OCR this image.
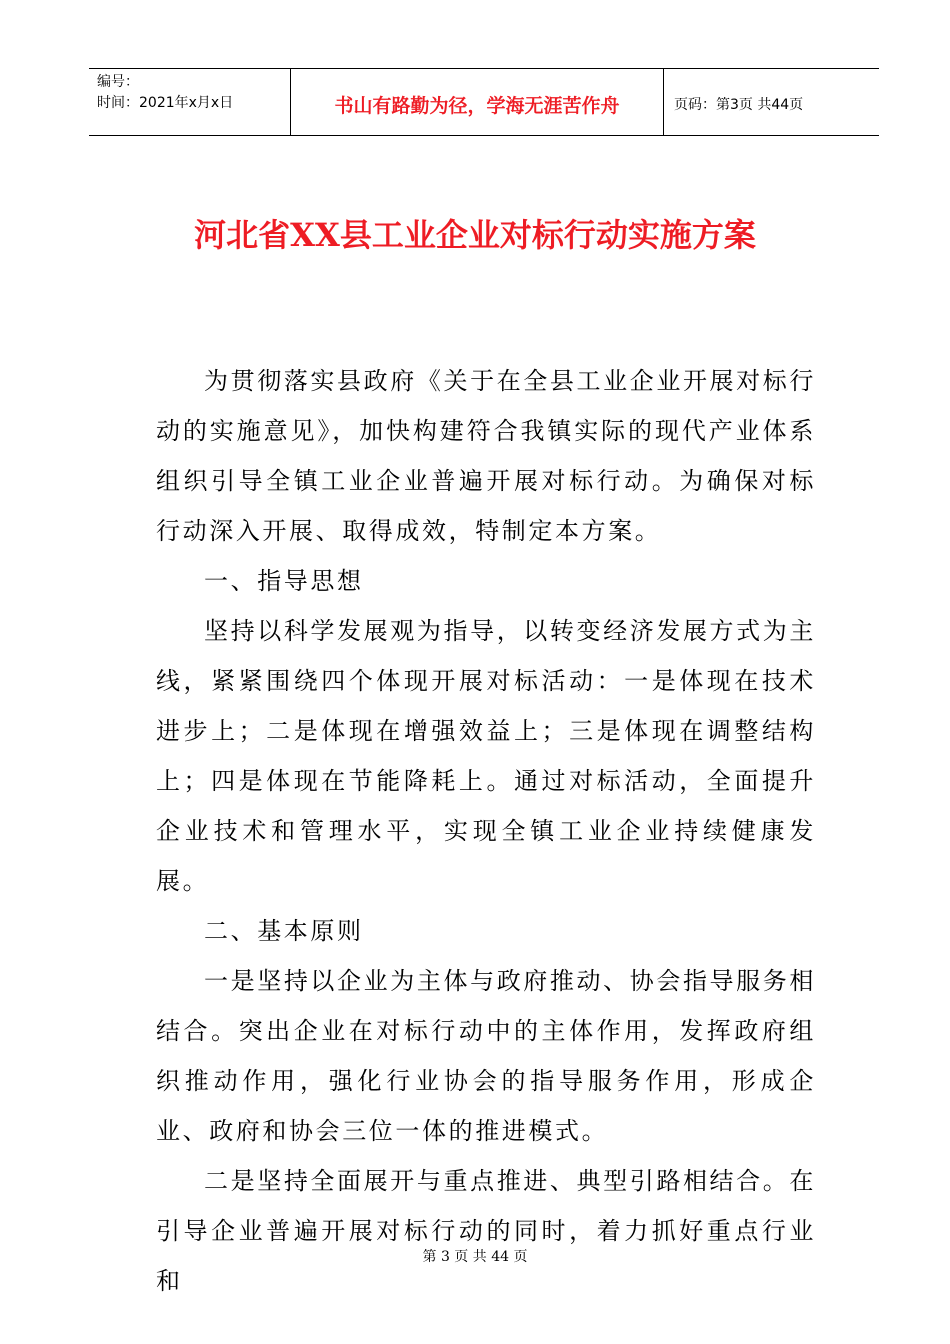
编号：
时间：2021年x月x日	书山有路勤为径，学海无涯苦作舟	页码：第3页 共44页
河北省XX县工业企业对标行动实施方案

为贯彻落实县政府《关于在全县工业企业开展对标行动的实施意见》，加快构建符合我镇实际的现代产业体系组织引导全镇工业企业普遍开展对标行动。为确保对标行动深入开展、取得成效，特制定本方案。

一、指导思想

坚持以科学发展观为指导，以转变经济发展方式为主线，紧紧围绕四个体现开展对标活动：一是体现在技术进步上；二是体现在增强效益上；三是体现在调整结构上；四是体现在节能降耗上。通过对标活动，全面提升企业技术和管理水平，实现全镇工业企业持续健康发展。

二、基本原则

一是坚持以企业为主体与政府推动、协会指导服务相结合。突出企业在对标行动中的主体作用，发挥政府组织推动作用，强化行业协会的指导服务作用，形成企业、政府和协会三位一体的推进模式。

二是坚持全面展开与重点推进、典型引路相结合。在引导企业普遍开展对标行动的同时，着力抓好重点行业和

第 3 页 共 44 页
